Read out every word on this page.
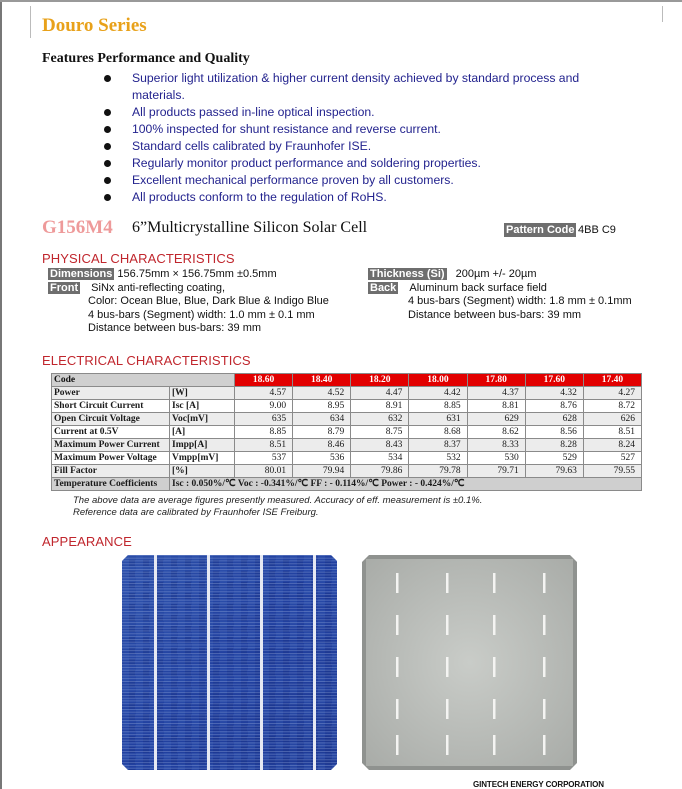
Douro Series
Features Performance and Quality
Superior light utilization & higher current density achieved by standard process and materials.
All products passed in-line optical inspection.
100% inspected for shunt resistance and reverse current.
Standard cells calibrated by Fraunhofer ISE.
Regularly monitor product performance and soldering properties.
Excellent mechanical performance proven by all customers.
All products conform to the regulation of RoHS.
G156M4 6”Multicrystalline Silicon Solar Cell	Pattern Code 4BB C9
PHYSICAL CHARACTERISTICS
Dimensions 156.75mm × 156.75mm ±0.5mm
Front SiNx anti-reflecting coating,
Color: Ocean Blue, Blue, Dark Blue & Indigo Blue
4 bus-bars (Segment) width: 1.0 mm ± 0.1 mm
Distance between bus-bars: 39 mm
Thickness (Si) 200µm +/- 20µm
Back Aluminum back surface field
4 bus-bars (Segment) width: 1.8 mm ± 0.1mm
Distance between bus-bars: 39 mm
ELECTRICAL CHARACTERISTICS
Code		18.60	18.40	18.20	18.00	17.80	17.60	17.40
Power	[W]	4.57	4.52	4.47	4.42	4.37	4.32	4.27
Short Circuit Current	Isc [A]	9.00	8.95	8.91	8.85	8.81	8.76	8.72
Open Circuit Voltage	Voc[mV]	635	634	632	631	629	628	626
Current at 0.5V	[A]	8.85	8.79	8.75	8.68	8.62	8.56	8.51
Maximum Power Current	Impp[A]	8.51	8.46	8.43	8.37	8.33	8.28	8.24
Maximum Power Voltage	Vmpp[mV]	537	536	534	532	530	529	527
Fill Factor	[%]	80.01	79.94	79.86	79.78	79.71	79.63	79.55
Temperature Coefficients	Isc : 0.050%/℃ Voc : -0.341%/℃ FF : - 0.114%/℃ Power : - 0.424%/℃							
The above data are average figures presently measured. Accuracy of eff. measurement is ±0.1%.
Reference data are calibrated by Fraunhofer ISE Freiburg.
APPEARANCE
GINTECH ENERGY CORPORATION
